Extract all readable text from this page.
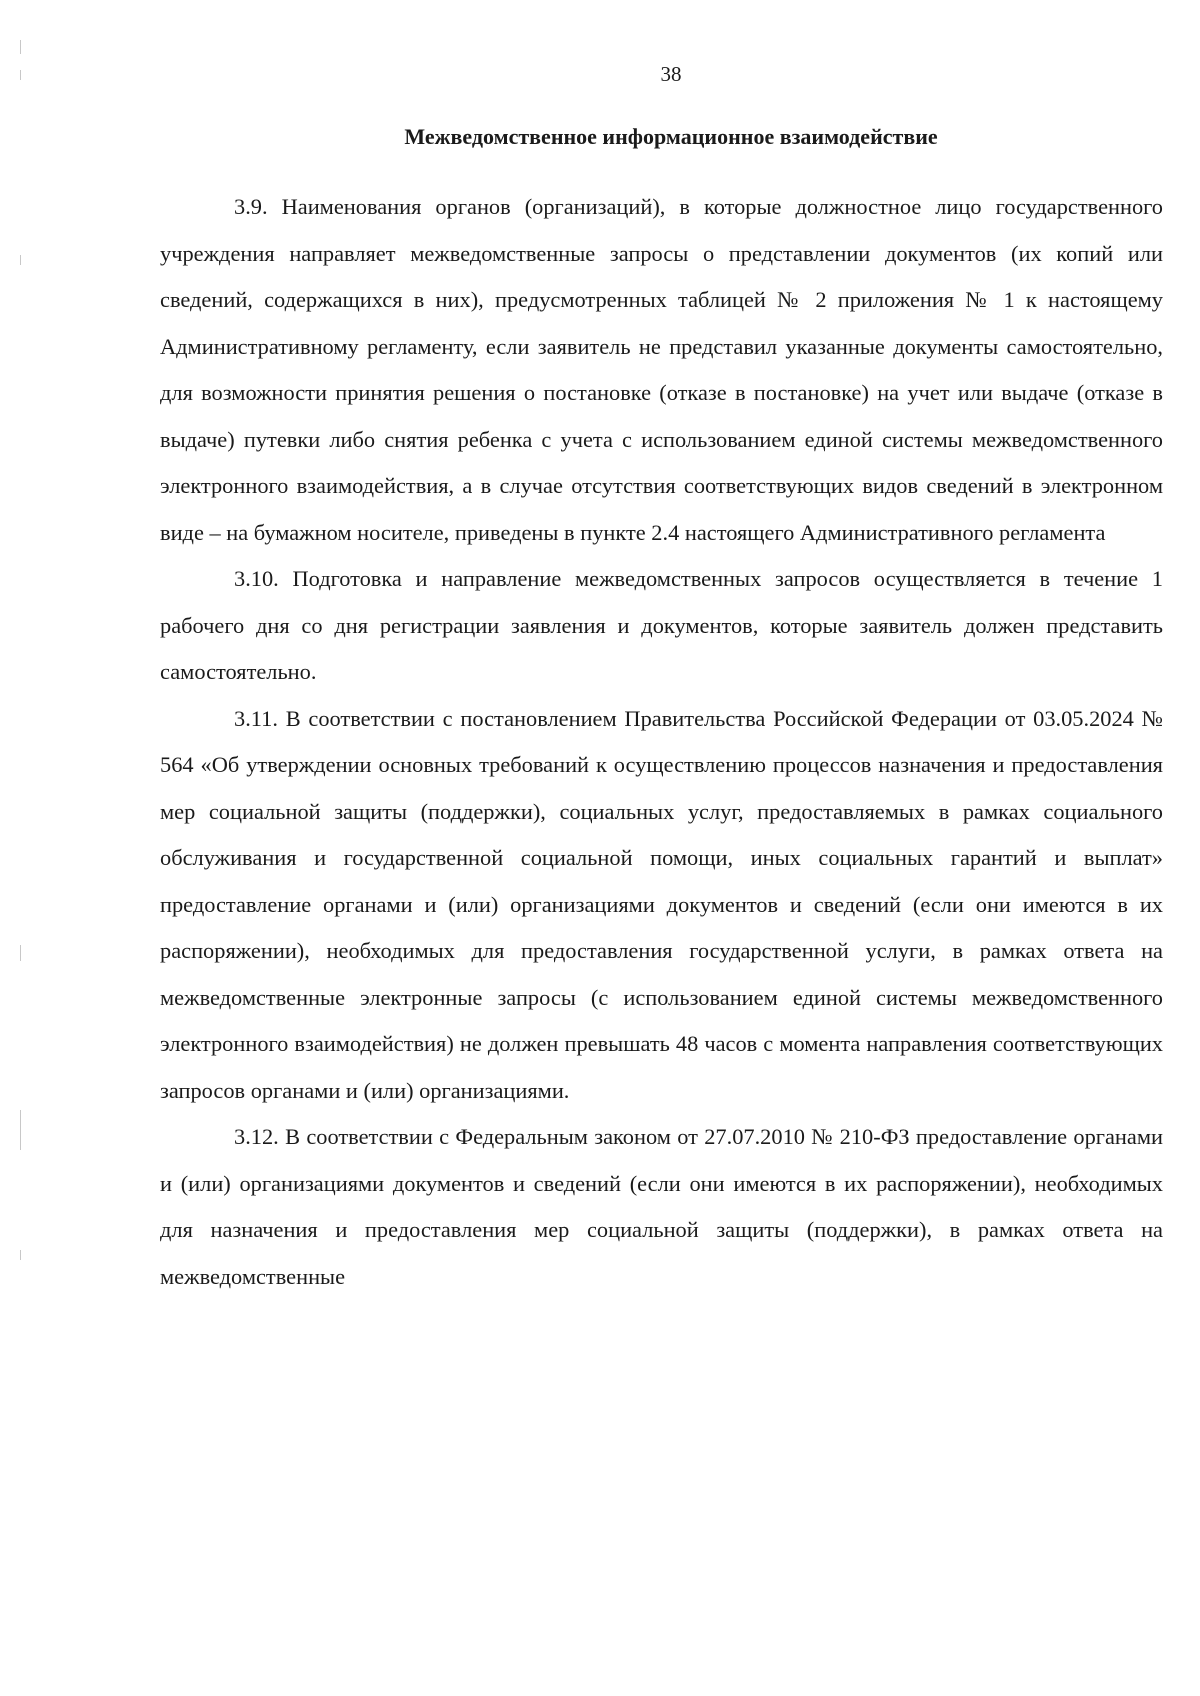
38
Межведомственное информационное взаимодействие

3.9. Наименования органов (организаций), в которые должностное лицо государственного учреждения направляет межведомственные запросы о представлении документов (их копий или сведений, содержащихся в них), предусмотренных таблицей № 2 приложения № 1 к настоящему Административному регламенту, если заявитель не представил указанные документы самостоятельно, для возможности принятия решения о постановке (отказе в постановке) на учет или выдаче (отказе в выдаче) путевки либо снятия ребенка с учета с использованием единой системы межведомственного электронного взаимодействия, а в случае отсутствия соответствующих видов сведений в электронном виде – на бумажном носителе, приведены в пункте 2.4 настоящего Административного регламента

3.10. Подготовка и направление межведомственных запросов осуществляется в течение 1 рабочего дня со дня регистрации заявления и документов, которые заявитель должен представить самостоятельно.

3.11. В соответствии с постановлением Правительства Российской Федерации от 03.05.2024 № 564 «Об утверждении основных требований к осуществлению процессов назначения и предоставления мер социальной защиты (поддержки), социальных услуг, предоставляемых в рамках социального обслуживания и государственной социальной помощи, иных социальных гарантий и выплат» предоставление органами и (или) организациями документов и сведений (если они имеются в их распоряжении), необходимых для предоставления государственной услуги, в рамках ответа на межведомственные электронные запросы (с использованием единой системы межведомственного электронного взаимодействия) не должен превышать 48 часов с момента направления соответствующих запросов органами и (или) организациями.

3.12. В соответствии с Федеральным законом от 27.07.2010 № 210-ФЗ предоставление органами и (или) организациями документов и сведений (если они имеются в их распоряжении), необходимых для назначения и предоставления мер социальной защиты (поддержки), в рамках ответа на межведомственные
